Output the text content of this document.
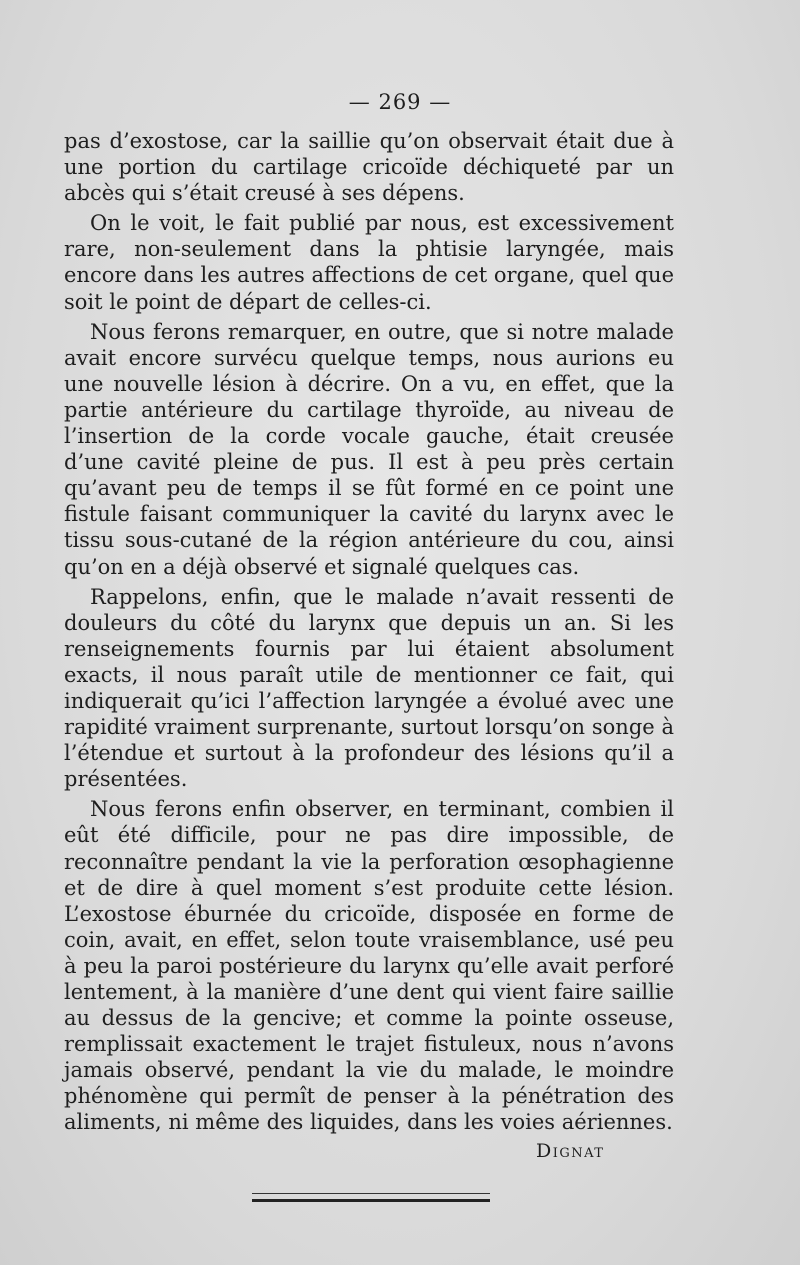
— 269 —

pas d’exostose, car la saillie qu’on observait était due à une portion du cartilage cricoïde déchiqueté par un abcès qui s’était creusé à ses dépens.

On le voit, le fait publié par nous, est excessivement rare, non-seulement dans la phtisie laryngée, mais encore dans les autres affections de cet organe, quel que soit le point de départ de celles-ci.

Nous ferons remarquer, en outre, que si notre malade avait encore survécu quelque temps, nous aurions eu une nouvelle lésion à décrire. On a vu, en effet, que la partie antérieure du cartilage thyroïde, au niveau de l’insertion de la corde vocale gauche, était creusée d’une cavité pleine de pus. Il est à peu près certain qu’avant peu de temps il se fût formé en ce point une fistule faisant communiquer la cavité du larynx avec le tissu sous-cutané de la région antérieure du cou, ainsi qu’on en a déjà observé et signalé quelques cas.

Rappelons, enfin, que le malade n’avait ressenti de douleurs du côté du larynx que depuis un an. Si les renseignements fournis par lui étaient absolument exacts, il nous paraît utile de mentionner ce fait, qui indiquerait qu’ici l’affection laryngée a évolué avec une rapidité vraiment surprenante, surtout lorsqu’on songe à l’étendue et surtout à la profondeur des lésions qu’il a présentées.

Nous ferons enfin observer, en terminant, combien il eût été difficile, pour ne pas dire impossible, de reconnaître pendant la vie la perforation œsophagienne et de dire à quel moment s’est produite cette lésion. L’exostose éburnée du cricoïde, disposée en forme de coin, avait, en effet, selon toute vraisemblance, usé peu à peu la paroi postérieure du larynx qu’elle avait perforé lentement, à la manière d’une dent qui vient faire saillie au dessus de la gencive; et comme la pointe osseuse, remplissait exactement le trajet fistuleux, nous n’avons jamais observé, pendant la vie du malade, le moindre phénomène qui permît de penser à la pénétration des aliments, ni même des liquides, dans les voies aériennes.

Dignat
